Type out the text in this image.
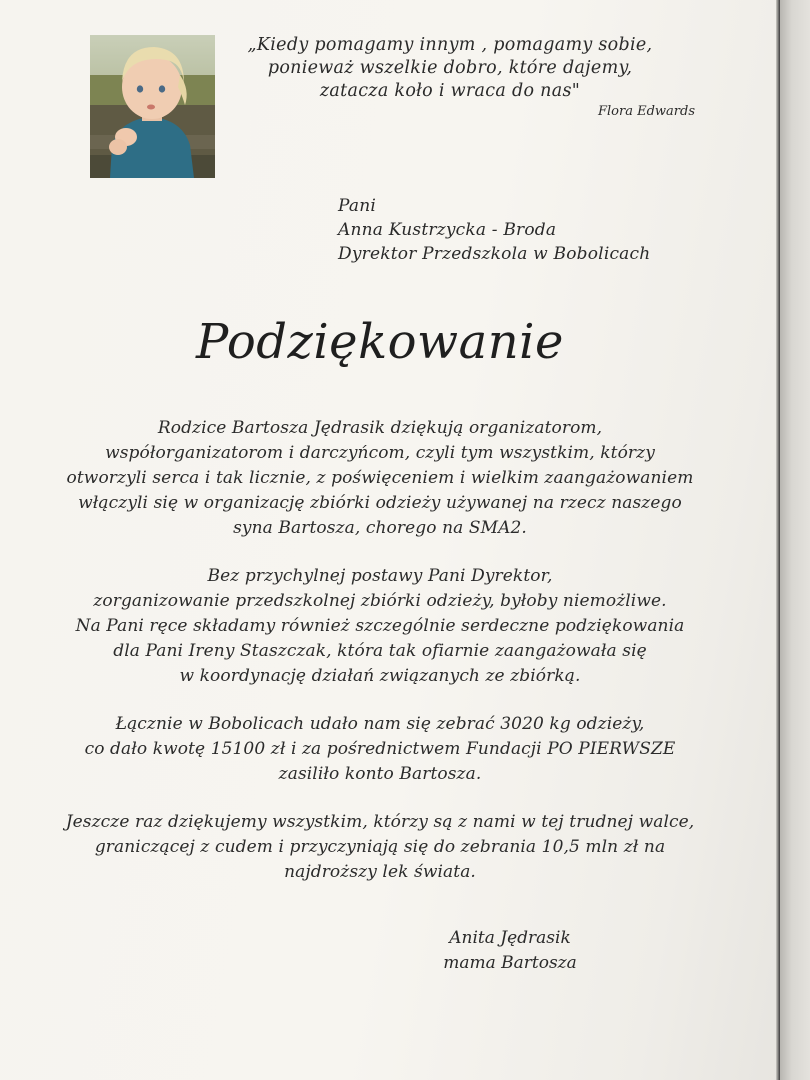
„Kiedy pomagamy innym , pomagamy sobie,
ponieważ wszelkie dobro, które dajemy,
zatacza koło i wraca do nas"
Flora Edwards
Pani
Anna Kustrzycka - Broda
Dyrektor Przedszkola w Bobolicach
Podziękowanie
Rodzice Bartosza Jędrasik dziękują organizatorom,
współorganizatorom i darczyńcom, czyli tym wszystkim, którzy
otworzyli serca i tak licznie, z poświęceniem i wielkim zaangażowaniem
włączyli się w organizację zbiórki odzieży używanej na rzecz naszego
syna Bartosza, chorego na SMA2.
Bez przychylnej postawy Pani Dyrektor,
zorganizowanie przedszkolnej zbiórki odzieży, byłoby niemożliwe.
Na Pani ręce składamy również szczególnie serdeczne podziękowania
dla Pani Ireny Staszczak, która tak ofiarnie zaangażowała się
w koordynację działań związanych ze zbiórką.
Łącznie w Bobolicach udało nam się zebrać 3020 kg odzieży,
co dało kwotę 15100 zł i za pośrednictwem Fundacji PO PIERWSZE
zasiliło konto Bartosza.
Jeszcze raz dziękujemy wszystkim, którzy są z nami w tej trudnej walce,
graniczącej z cudem i przyczyniają się do zebrania 10,5 mln zł na
najdroższy lek świata.
Anita Jędrasik
mama Bartosza
